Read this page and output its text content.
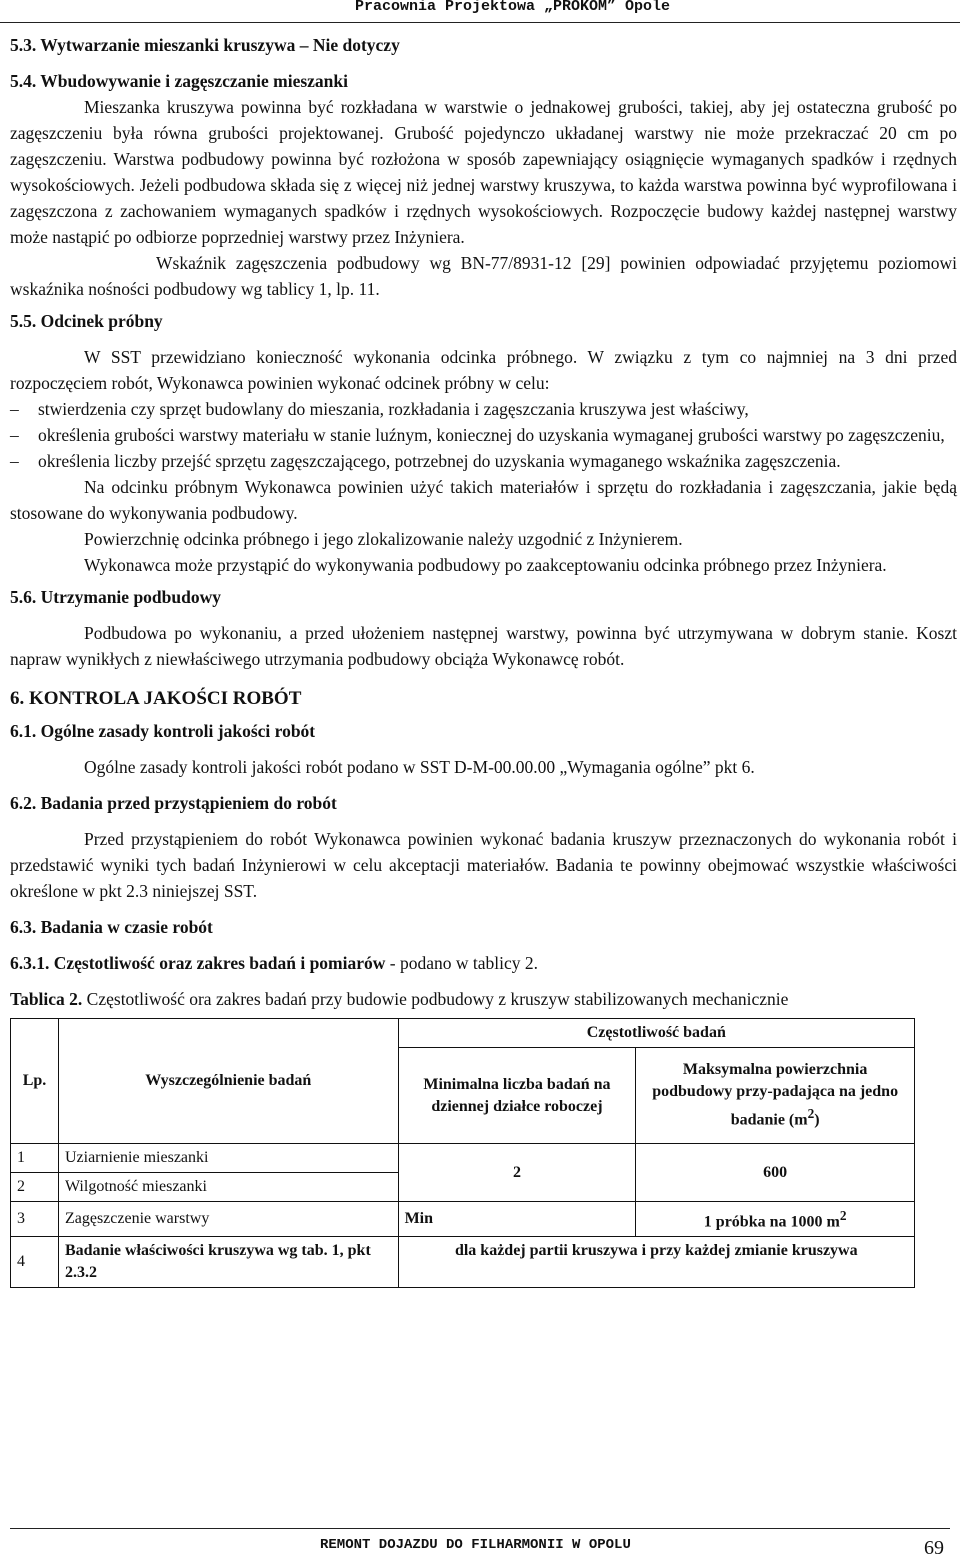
Pracownia Projektowa „PROKOM” Opole
5.3. Wytwarzanie mieszanki kruszywa – Nie dotyczy
5.4. Wbudowywanie i zagęszczanie mieszanki

Mieszanka kruszywa powinna być rozkładana w warstwie o jednakowej grubości, takiej, aby jej ostateczna grubość po zagęszczeniu była równa grubości projektowanej. Grubość pojedynczo układanej warstwy nie może przekraczać 20 cm po zagęszczeniu. Warstwa podbudowy powinna być rozłożona w sposób zapewniający osiągnięcie wymaganych spadków i rzędnych wysokościowych. Jeżeli podbudowa składa się z więcej niż jednej warstwy kruszywa, to każda warstwa powinna być wyprofilowana i zagęszczona z zachowaniem wymaganych spadków i rzędnych wysokościowych. Rozpoczęcie budowy każdej następnej warstwy może nastąpić po odbiorze poprzedniej warstwy przez Inżyniera.

Wskaźnik zagęszczenia podbudowy wg BN-77/8931-12 [29] powinien odpowiadać przyjętemu poziomowi wskaźnika nośności podbudowy wg tablicy 1, lp. 11.

5.5. Odcinek próbny

W SST przewidziano konieczność wykonania odcinka próbnego. W związku z tym co najmniej na 3 dni przed rozpoczęciem robót, Wykonawca powinien wykonać odcinek próbny w celu:

– stwierdzenia czy sprzęt budowlany do mieszania, rozkładania i zagęszczania kruszywa jest właściwy,
– określenia grubości warstwy materiału w stanie luźnym, koniecznej do uzyskania wymaganej grubości warstwy po zagęszczeniu,
– określenia liczby przejść sprzętu zagęszczającego, potrzebnej do uzyskania wymaganego wskaźnika zagęszczenia.

Na odcinku próbnym Wykonawca powinien użyć takich materiałów i sprzętu do rozkładania i zagęszczania, jakie będą stosowane do wykonywania podbudowy.

Powierzchnię odcinka próbnego i jego zlokalizowanie należy uzgodnić z Inżynierem.

Wykonawca może przystąpić do wykonywania podbudowy po zaakceptowaniu odcinka próbnego przez Inżyniera.

5.6. Utrzymanie podbudowy

Podbudowa po wykonaniu, a przed ułożeniem następnej warstwy, powinna być utrzymywana w dobrym stanie. Koszt napraw wynikłych z niewłaściwego utrzymania podbudowy obciąża Wykonawcę robót.

6. KONTROLA JAKOŚCI ROBÓT
6.1. Ogólne zasady kontroli jakości robót

Ogólne zasady kontroli jakości robót podano w SST D-M-00.00.00 „Wymagania ogólne” pkt 6.

6.2. Badania przed przystąpieniem do robót

Przed przystąpieniem do robót Wykonawca powinien wykonać badania kruszyw przeznaczonych do wykonania robót i przedstawić wyniki tych badań Inżynierowi w celu akceptacji materiałów. Badania te powinny obejmować wszystkie właściwości określone w pkt 2.3 niniejszej SST.

6.3. Badania w czasie robót
6.3.1. Częstotliwość oraz zakres badań i pomiarów - podano w tablicy 2.

Tablica 2. Częstotliwość ora zakres badań przy budowie podbudowy z kruszyw stabilizowanych mechanicznie

Lp.	Wyszczególnienie badań	Częstotliwość badań	
		Minimalna liczba badań na dziennej działce roboczej	Maksymalna powierzchnia podbudowy przy-padająca na jedno badanie $(m^2)$
1	Uziarnienie mieszanki	2	600
2	Wilgotność mieszanki		
3	Zagęszczenie warstwy	Min	1 próbka na 1000 $m^2$
4	Badanie właściwości kruszywa wg tab. 1, pkt 2.3.2	dla każdej partii kruszywa i przy każdej zmianie kruszywa	
REMONT DOJAZDU DO FILHARMONII W OPOLU	69
